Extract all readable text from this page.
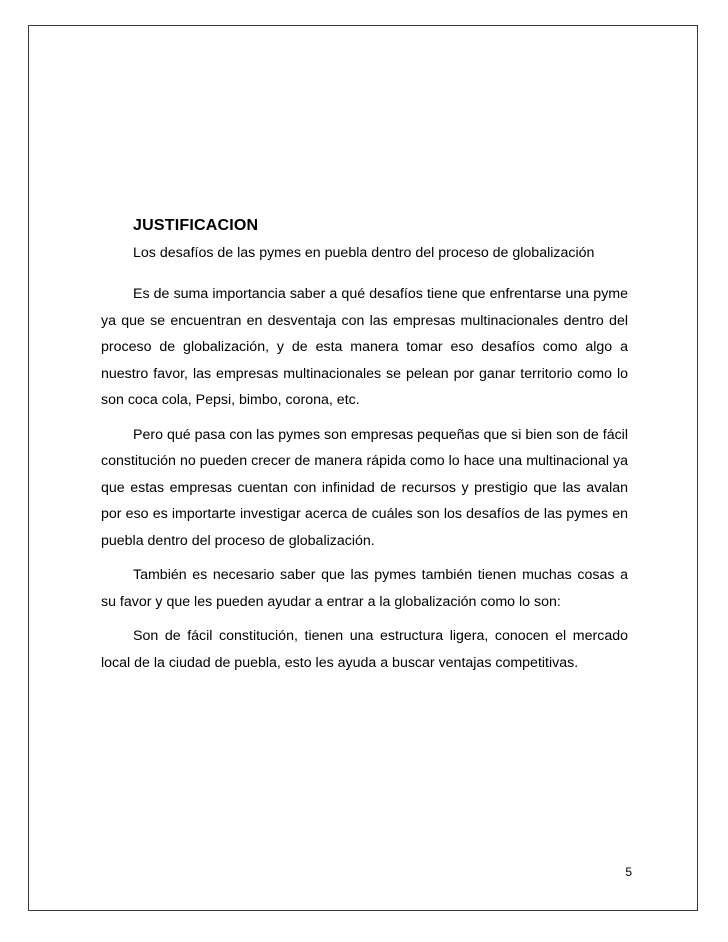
JUSTIFICACION
Los desafíos de las pymes en puebla dentro del proceso de globalización

Es de suma importancia saber a qué desafíos tiene que enfrentarse una pyme ya que se encuentran en desventaja con las empresas multinacionales dentro del proceso de globalización, y de esta manera tomar eso desafíos como algo a nuestro favor, las empresas multinacionales se pelean por ganar territorio como lo son coca cola, Pepsi, bimbo, corona, etc.

Pero qué pasa con las pymes son empresas pequeñas que si bien son de fácil constitución no pueden crecer de manera rápida como lo hace una multinacional ya que estas empresas cuentan con infinidad de recursos y prestigio que las avalan por eso es importarte investigar acerca de cuáles son los desafíos de las pymes en puebla dentro del proceso de globalización.

También es necesario saber que las pymes también tienen muchas cosas a su favor y que les pueden ayudar a entrar a la globalización como lo son:

Son de fácil constitución, tienen una estructura ligera, conocen el mercado local de la ciudad de puebla, esto les ayuda a buscar ventajas competitivas.

5
